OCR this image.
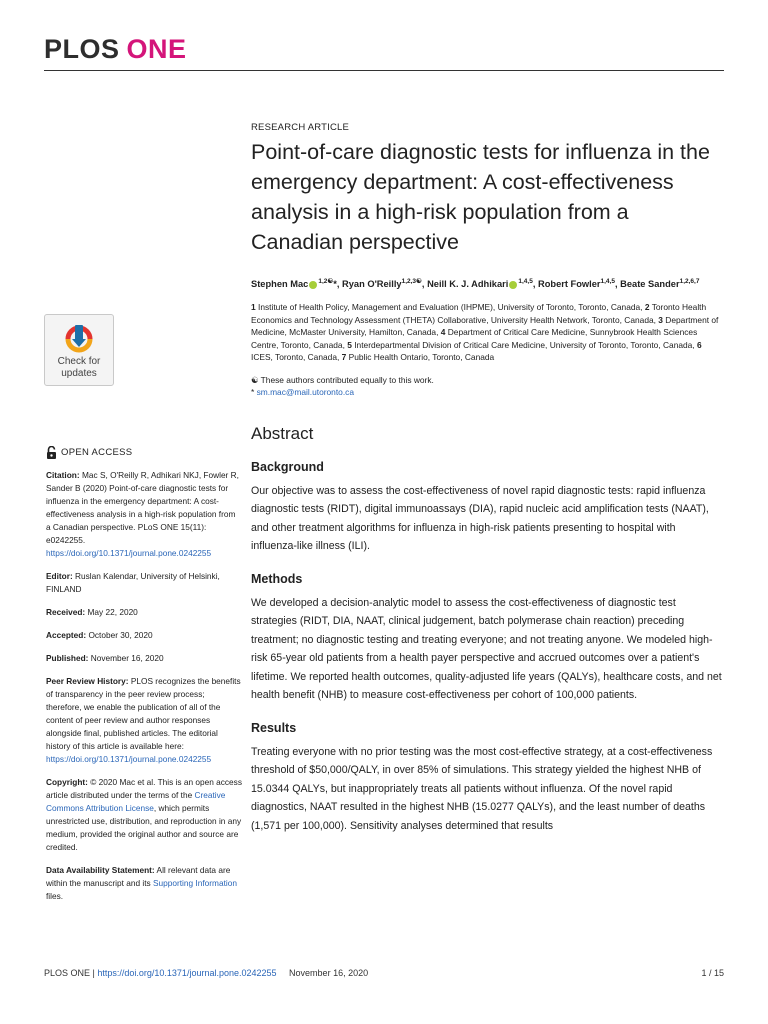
PLOS ONE
Check for
updates
OPEN ACCESS
Citation: Mac S, O'Reilly R, Adhikari NKJ, Fowler R, Sander B (2020) Point-of-care diagnostic tests for influenza in the emergency department: A cost-effectiveness analysis in a high-risk population from a Canadian perspective. PLoS ONE 15(11): e0242255. https://doi.org/10.1371/journal.pone.0242255
Editor: Ruslan Kalendar, University of Helsinki, FINLAND
Received: May 22, 2020
Accepted: October 30, 2020
Published: November 16, 2020
Peer Review History: PLOS recognizes the benefits of transparency in the peer review process; therefore, we enable the publication of all of the content of peer review and author responses alongside final, published articles. The editorial history of this article is available here: https://doi.org/10.1371/journal.pone.0242255
Copyright: © 2020 Mac et al. This is an open access article distributed under the terms of the Creative Commons Attribution License, which permits unrestricted use, distribution, and reproduction in any medium, provided the original author and source are credited.
Data Availability Statement: All relevant data are within the manuscript and its Supporting Information files.
RESEARCH ARTICLE
Point-of-care diagnostic tests for influenza in the emergency department: A cost-effectiveness analysis in a high-risk population from a Canadian perspective
Stephen Mac $^{1,2☯}$*, Ryan O'Reilly$^{1,2,3☯}$, Neill K. J. Adhikari $^{1,4,5}$, Robert Fowler$^{1,4,5}$, Beate Sander$^{1,2,6,7}$
1 Institute of Health Policy, Management and Evaluation (IHPME), University of Toronto, Toronto, Canada, 2 Toronto Health Economics and Technology Assessment (THETA) Collaborative, University Health Network, Toronto, Canada, 3 Department of Medicine, McMaster University, Hamilton, Canada, 4 Department of Critical Care Medicine, Sunnybrook Health Sciences Centre, Toronto, Canada, 5 Interdepartmental Division of Critical Care Medicine, University of Toronto, Toronto, Canada, 6 ICES, Toronto, Canada, 7 Public Health Ontario, Toronto, Canada
☯ These authors contributed equally to this work.
* sm.mac@mail.utoronto.ca
Abstract
Background
Our objective was to assess the cost-effectiveness of novel rapid diagnostic tests: rapid influenza diagnostic tests (RIDT), digital immunoassays (DIA), rapid nucleic acid amplification tests (NAAT), and other treatment algorithms for influenza in high-risk patients presenting to hospital with influenza-like illness (ILI).
Methods
We developed a decision-analytic model to assess the cost-effectiveness of diagnostic test strategies (RIDT, DIA, NAAT, clinical judgement, batch polymerase chain reaction) preceding treatment; no diagnostic testing and treating everyone; and not treating anyone. We modeled high-risk 65-year old patients from a health payer perspective and accrued outcomes over a patient's lifetime. We reported health outcomes, quality-adjusted life years (QALYs), healthcare costs, and net health benefit (NHB) to measure cost-effectiveness per cohort of 100,000 patients.
Results
Treating everyone with no prior testing was the most cost-effective strategy, at a cost-effectiveness threshold of $50,000/QALY, in over 85% of simulations. This strategy yielded the highest NHB of 15.0344 QALYs, but inappropriately treats all patients without influenza. Of the novel rapid diagnostics, NAAT resulted in the highest NHB (15.0277 QALYs), and the least number of deaths (1,571 per 100,000). Sensitivity analyses determined that results
PLOS ONE | https://doi.org/10.1371/journal.pone.0242255 November 16, 2020	1 / 15
